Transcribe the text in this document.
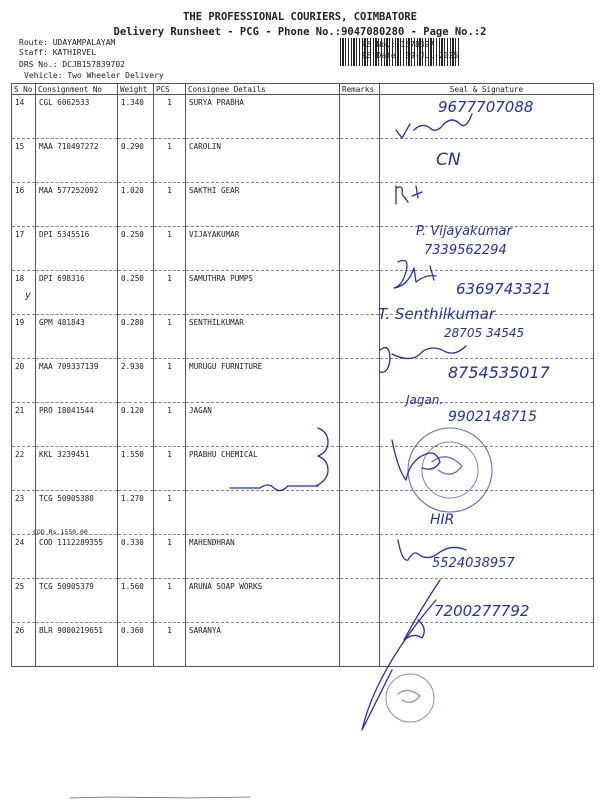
THE PROFESSIONAL COURIERS, COIMBATORE
Delivery Runsheet - PCG - Phone No.:9047080280 - Page No.:2
Route: UDAYAMPALAYAM
Staff: KATHIRVEL
DRS No.: DCJB157839702
Vehicle: Two Wheeler Delivery
RS No.: 1578397
RS Date: 09-Jul-2025
S No	Consignment No	Weight	PCS	Consignee Details	Remarks	Seal & Signature
14	CGL 6062533	1.340	1	SURYA PRABHA		
15	MAA 710497272	0.290	1	CAROLIN		
16	MAA 577252092	1.020	1	SAKTHI GEAR		
17	DPI 5345516	0.250	1	VIJAYAKUMAR		
18	DPI 698316	0.250	1	SAMUTHRA PUMPS		
19	GPM 481843	0.280	1	SENTHILKUMAR		
20	MAA 709337139	2.930	1	MURUGU FURNITURE		
21	PRO 18041544	0.120	1	JAGAN		
22	KKL 3239451	1.550	1	PRABHU CHEMICAL		
23	TCG 50905380	1.270	1			
24	COD 1112289355	0.330	1	MAHENDHRAN		
25	TCG 50905379	1.560	1	ARUNA SOAP WORKS		
26	BLR 9000219651	0.360	1	SARANYA		
COD Rs.1550.00
9677707088
CN
P. Vijayakumar
7339562294
6369743321
T. Senthilkumar
28705 34545
8754535017
Jagan.
9902148715
HIR
5524038957
7200277792
y
